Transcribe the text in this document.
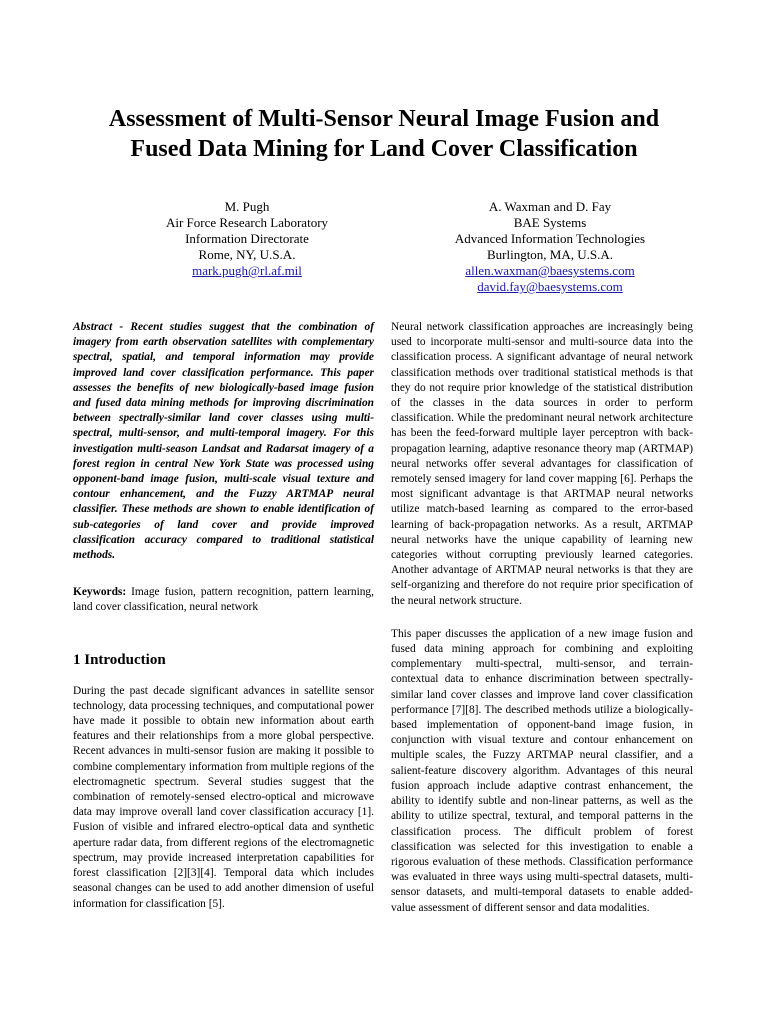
Assessment of Multi-Sensor Neural Image Fusion and
Fused Data Mining for Land Cover Classification
M. Pugh
Air Force Research Laboratory
Information Directorate
Rome, NY, U.S.A.
mark.pugh@rl.af.mil
A. Waxman and D. Fay
BAE Systems
Advanced Information Technologies
Burlington, MA, U.S.A.
allen.waxman@baesystems.com
david.fay@baesystems.com

Abstract - Recent studies suggest that the combination of imagery from earth observation satellites with complementary spectral, spatial, and temporal information may provide improved land cover classification performance. This paper assesses the benefits of new biologically-based image fusion and fused data mining methods for improving discrimination between spectrally-similar land cover classes using multi-spectral, multi-sensor, and multi-temporal imagery. For this investigation multi-season Landsat and Radarsat imagery of a forest region in central New York State was processed using opponent-band image fusion, multi-scale visual texture and contour enhancement, and the Fuzzy ARTMAP neural classifier. These methods are shown to enable identification of sub-categories of land cover and provide improved classification accuracy compared to traditional statistical methods.

Keywords: Image fusion, pattern recognition, pattern learning, land cover classification, neural network

1 Introduction

During the past decade significant advances in satellite sensor technology, data processing techniques, and computational power have made it possible to obtain new information about earth features and their relationships from a more global perspective. Recent advances in multi-sensor fusion are making it possible to combine complementary information from multiple regions of the electromagnetic spectrum. Several studies suggest that the combination of remotely-sensed electro-optical and microwave data may improve overall land cover classification accuracy [1]. Fusion of visible and infrared electro-optical data and synthetic aperture radar data, from different regions of the electromagnetic spectrum, may provide increased interpretation capabilities for forest classification [2][3][4]. Temporal data which includes seasonal changes can be used to add another dimension of useful information for classification [5].

Neural network classification approaches are increasingly being used to incorporate multi-sensor and multi-source data into the classification process. A significant advantage of neural network classification methods over traditional statistical methods is that they do not require prior knowledge of the statistical distribution of the classes in the data sources in order to perform classification. While the predominant neural network architecture has been the feed-forward multiple layer perceptron with back-propagation learning, adaptive resonance theory map (ARTMAP) neural networks offer several advantages for classification of remotely sensed imagery for land cover mapping [6]. Perhaps the most significant advantage is that ARTMAP neural networks utilize match-based learning as compared to the error-based learning of back-propagation networks. As a result, ARTMAP neural networks have the unique capability of learning new categories without corrupting previously learned categories. Another advantage of ARTMAP neural networks is that they are self-organizing and therefore do not require prior specification of the neural network structure.

This paper discusses the application of a new image fusion and fused data mining approach for combining and exploiting complementary multi-spectral, multi-sensor, and terrain-contextual data to enhance discrimination between spectrally-similar land cover classes and improve land cover classification performance [7][8]. The described methods utilize a biologically-based implementation of opponent-band image fusion, in conjunction with visual texture and contour enhancement on multiple scales, the Fuzzy ARTMAP neural classifier, and a salient-feature discovery algorithm. Advantages of this neural fusion approach include adaptive contrast enhancement, the ability to identify subtle and non-linear patterns, as well as the ability to utilize spectral, textural, and temporal patterns in the classification process. The difficult problem of forest classification was selected for this investigation to enable a rigorous evaluation of these methods. Classification performance was evaluated in three ways using multi-spectral datasets, multi-sensor datasets, and multi-temporal datasets to enable added-value assessment of different sensor and data modalities.
